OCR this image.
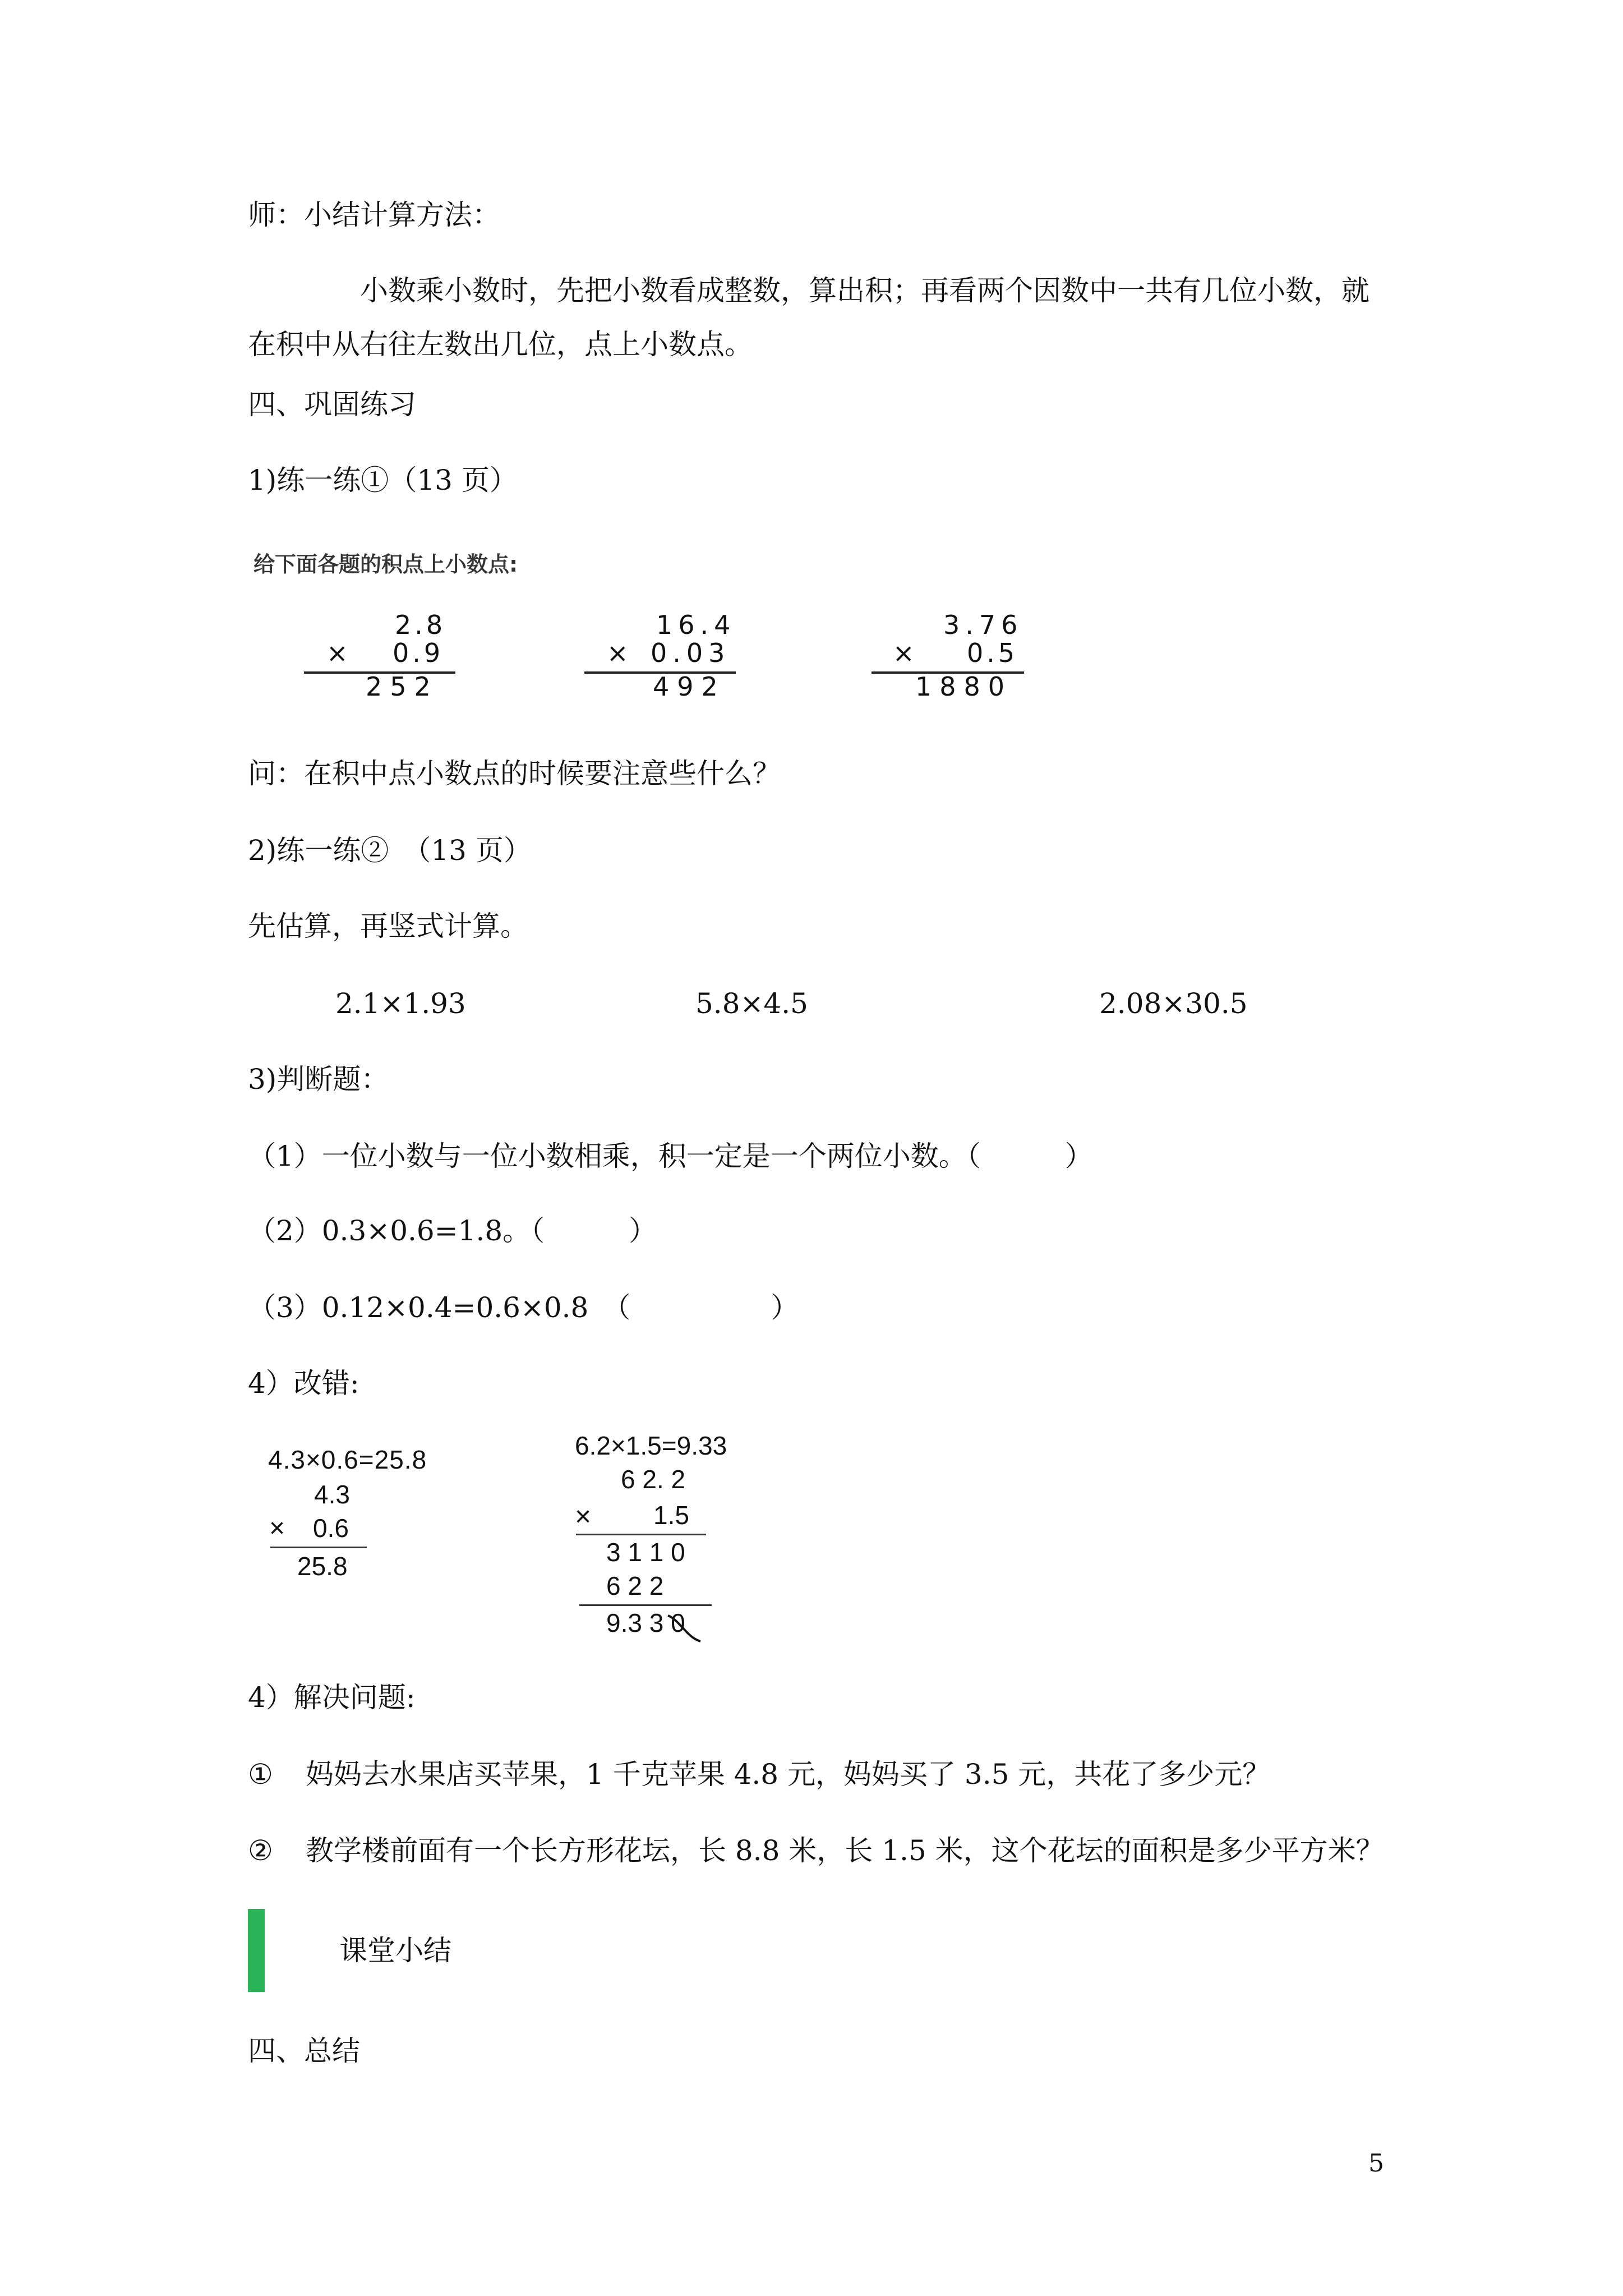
师：小结计算方法：
小数乘小数时，先把小数看成整数，算出积；再看两个因数中一共有几位小数，就在积中从右往左数出几位，点上小数点。
四、巩固练习
1)练一练①（13 页）
给下面各题的积点上小数点:
2.8
× 0.9
252
16.4
× 0.03
492
3.76
× 0.5
1880
问：在积中点小数点的时候要注意些什么？
2)练一练②　（13 页）
先估算，再竖式计算。
2.1×1.93	5.8×4.5	2.08×30.5
3)判断题：
（1）一位小数与一位小数相乘，积一定是一个两位小数。（　　　）
（2）0.3×0.6=1.8。（　　　）
（3）0.12×0.4=0.6×0.8　（　　　　　）
4）改错:
4.3×0.6=25.8
4.3
× 0.6
25.8
6.2×1.5=9.33
6 2. 2
× 1.5
3 1 1 0
6 2 2
9.3 3 0
4）解决问题:
① 妈妈去水果店买苹果，1 千克苹果 4.8 元，妈妈买了 3.5 元，共花了多少元？
② 教学楼前面有一个长方形花坛，长 8.8 米，长 1.5 米，这个花坛的面积是多少平方米？
课堂小结
四、总结
5
